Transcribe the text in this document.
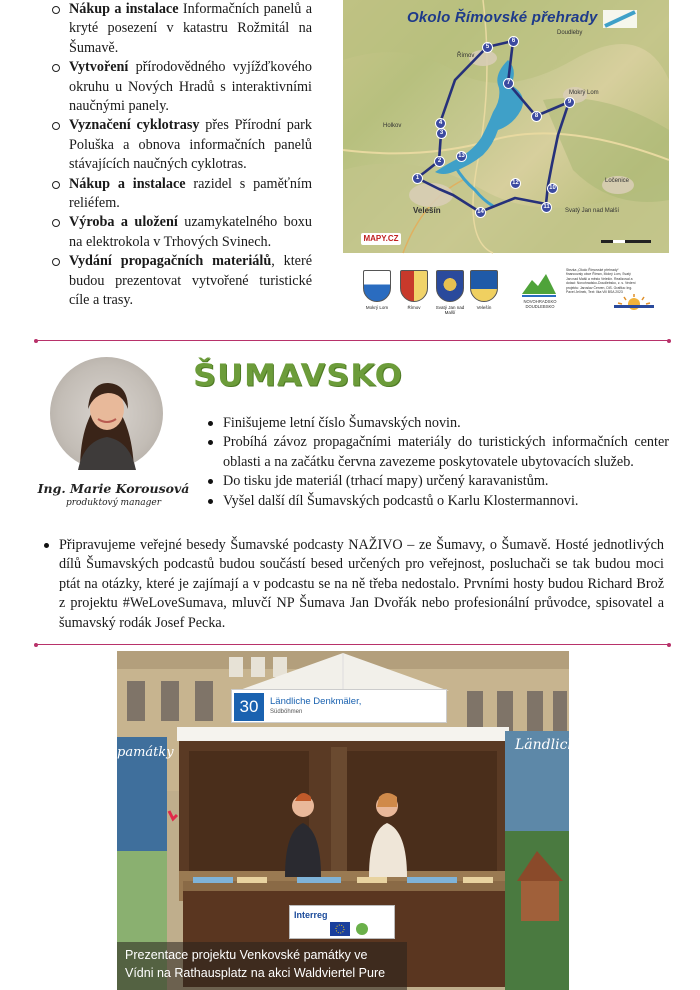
Nákup a instalace Informačních panelů a kryté posezení v katastru Rožmitál na Šumavě.
Vytvoření přírodovědného vyjížďkového okruhu u Nových Hradů s interaktivními naučnými panely.
Vyznačení cyklotrasy přes Přírodní park Poluška a obnova informačních panelů stávajících naučných cyklotras.
Nákup a instalace razidel s paměťním reliéfem.
Výroba a uložení uzamykatelného boxu na elektrokola v Trhových Svinech.
Vydání propagačních materiálů, které budou prezentovat vytvořené turistické cíle a trasy.
Okolo Římovské přehrady
Římov
Doudleby
Mokrý Lom
Holkov
Velešín
Ločenice
Svatý Jan nad Malší
1
2
3
4
5
6
7
8
9
10
11
12
13
14
MAPY.CZ
Mokrý Lom	Římov	Svatý Jan nad Malší
Velešín
NOVOHRADSKO DOUDLEBSKO
Stezka „Okolo Římovské přehrady“ financovaly obce Římov, Mokrý Lom, Svatý Jan nad Malší a město Velešín. Realizoval a dotaci: Novohradsko-Doudlebsko, z. s. Vedení projektu: Jaroslav Červen, DiS. Grafika: Ing. Pavel Jelínek, Text: Ilka Vill BSA 2023
Ing. Marie Korousová
produktový manager
ŠUMAVSKO
Finišujeme letní číslo Šumavských novin.
Probíhá závoz propagačními materiály do turistických informačních center oblasti a na začátku června zavezeme poskytovatele ubytovacích služeb.
Do tisku jde materiál (trhací mapy) určený karavanistům.
Vyšel další díl Šumavských podcastů o Karlu Klostermannovi.
Připravujeme veřejné besedy Šumavské podcasty NAŽIVO – ze Šumavy, o Šumavě. Hosté jednotlivých dílů Šumavských podcastů budou součástí besed určených pro veřejnost, posluchači se tak budou moci ptát na otázky, které je zajímají a v podcastu se na ně třeba nedostalo. Prvními hosty budou Richard Brož z projektu #WeLoveSumava, mluvčí NP Šumava Jan Dvořák nebo profesionální průvodce, spisovatel a šumavský rodák Josef Pecka.
30	Ländliche Denkmäler,
Südböhmen
památky	Ländlich
Interreg
Prezentace projektu Venkovské památky ve Vídni na Rathausplatz na akci Waldviertel Pure
